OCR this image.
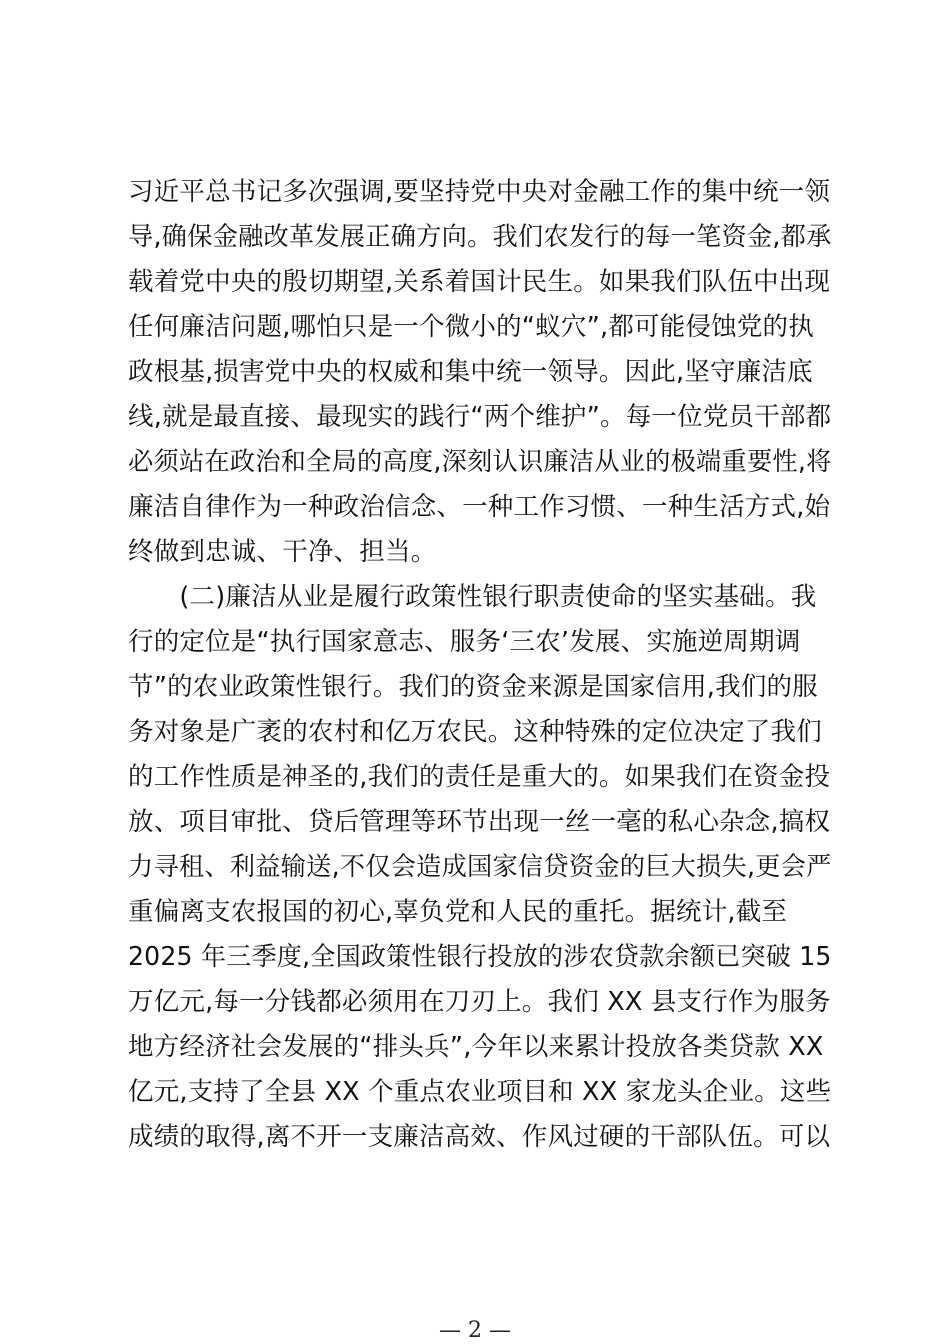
习近平总书记多次强调,要坚持党中央对金融工作的集中统一领
导,确保金融改革发展正确方向。我们农发行的每一笔资金,都承
载着党中央的殷切期望,关系着国计民生。如果我们队伍中出现
任何廉洁问题,哪怕只是一个微小的“蚁穴”,都可能侵蚀党的执
政根基,损害党中央的权威和集中统一领导。因此,坚守廉洁底
线,就是最直接、最现实的践行“两个维护”。每一位党员干部都
必须站在政治和全局的高度,深刻认识廉洁从业的极端重要性,将
廉洁自律作为一种政治信念、一种工作习惯、一种生活方式,始
终做到忠诚、干净、担当。
　　(二)廉洁从业是履行政策性银行职责使命的坚实基础。我
行的定位是“执行国家意志、服务‘三农’发展、实施逆周期调
节”的农业政策性银行。我们的资金来源是国家信用,我们的服
务对象是广袤的农村和亿万农民。这种特殊的定位决定了我们
的工作性质是神圣的,我们的责任是重大的。如果我们在资金投
放、项目审批、贷后管理等环节出现一丝一毫的私心杂念,搞权
力寻租、利益输送,不仅会造成国家信贷资金的巨大损失,更会严
重偏离支农报国的初心,辜负党和人民的重托。据统计,截至
2025 年三季度,全国政策性银行投放的涉农贷款余额已突破 15
万亿元,每一分钱都必须用在刀刃上。我们 XX 县支行作为服务
地方经济社会发展的“排头兵”,今年以来累计投放各类贷款 XX
亿元,支持了全县 XX 个重点农业项目和 XX 家龙头企业。这些
成绩的取得,离不开一支廉洁高效、作风过硬的干部队伍。可以
— 2 —
